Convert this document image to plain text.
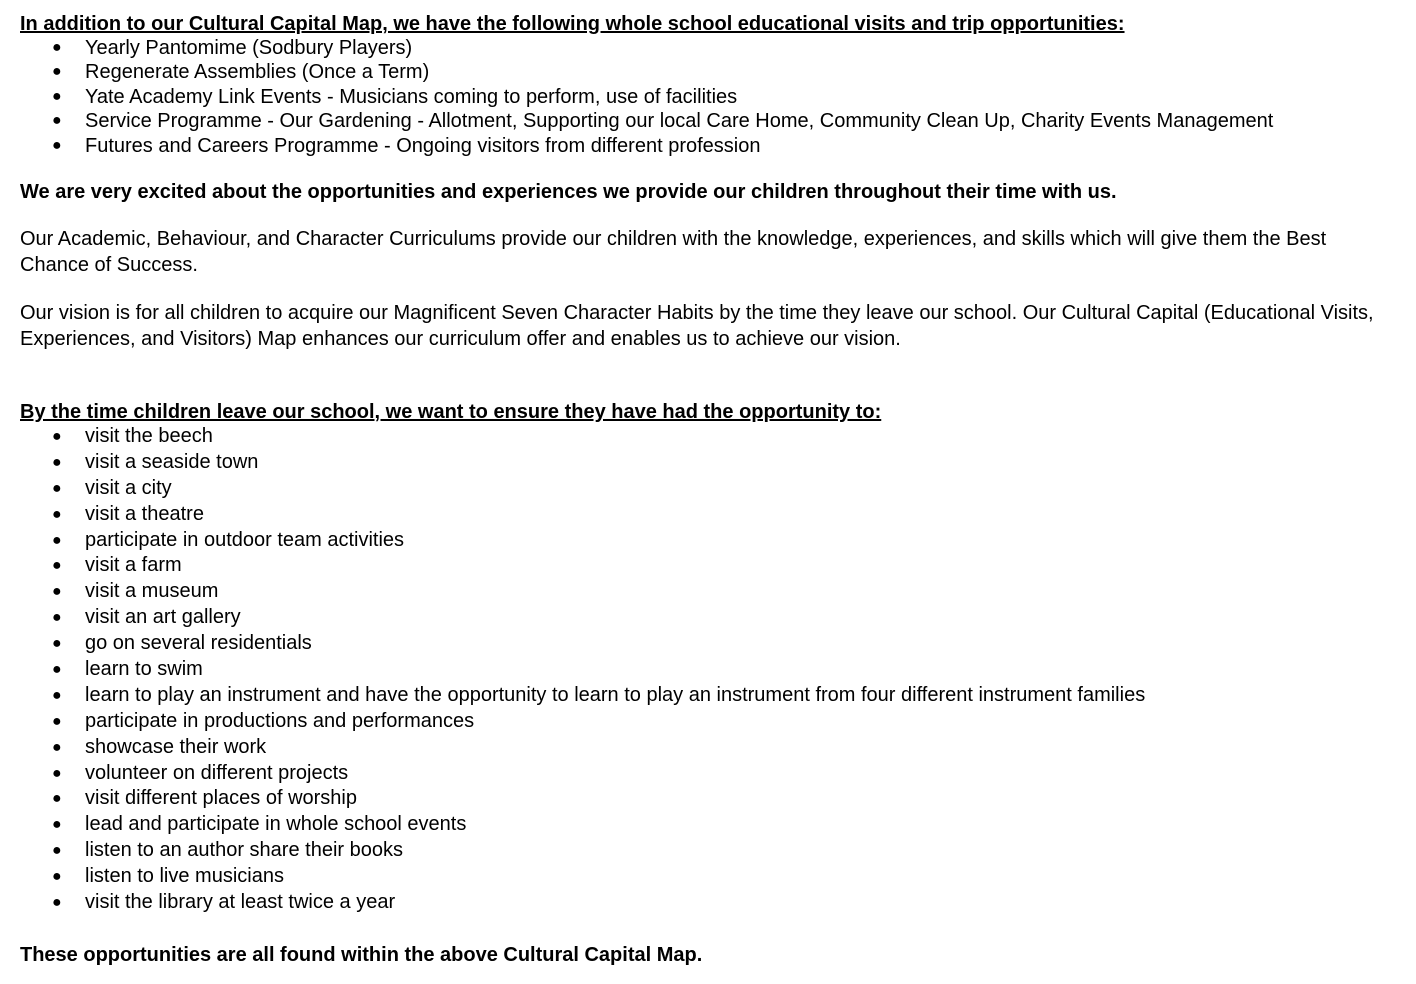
In addition to our Cultural Capital Map, we have the following whole school educational visits and trip opportunities:

● Yearly Pantomime (Sodbury Players)
● Regenerate Assemblies (Once a Term)
● Yate Academy Link Events - Musicians coming to perform, use of facilities
● Service Programme - Our Gardening - Allotment, Supporting our local Care Home, Community Clean Up, Charity Events Management
● Futures and Careers Programme - Ongoing visitors from different profession

We are very excited about the opportunities and experiences we provide our children throughout their time with us.

Our Academic, Behaviour, and Character Curriculums provide our children with the knowledge, experiences, and skills which will give them the Best Chance of Success.

Our vision is for all children to acquire our Magnificent Seven Character Habits by the time they leave our school. Our Cultural Capital (Educational Visits, Experiences, and Visitors) Map enhances our curriculum offer and enables us to achieve our vision.

By the time children leave our school, we want to ensure they have had the opportunity to:

● visit the beech
● visit a seaside town
● visit a city
● visit a theatre
● participate in outdoor team activities
● visit a farm
● visit a museum
● visit an art gallery
● go on several residentials
● learn to swim
● learn to play an instrument and have the opportunity to learn to play an instrument from four different instrument families
● participate in productions and performances
● showcase their work
● volunteer on different projects
● visit different places of worship
● lead and participate in whole school events
● listen to an author share their books
● listen to live musicians
● visit the library at least twice a year

These opportunities are all found within the above Cultural Capital Map.
